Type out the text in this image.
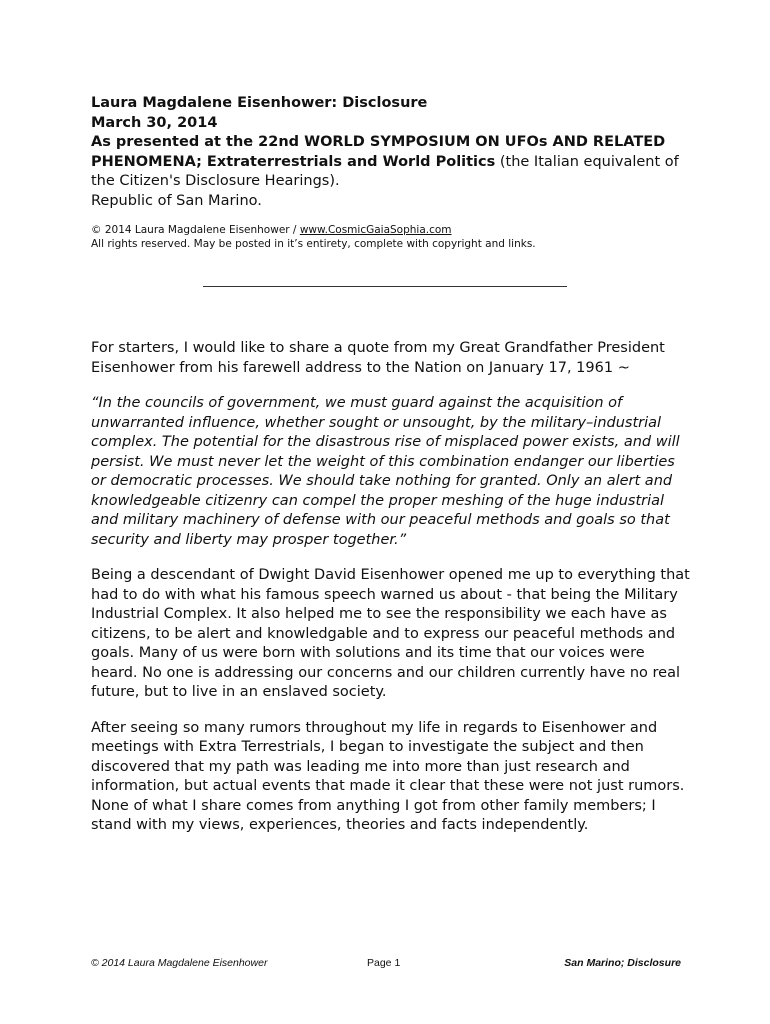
Laura Magdalene Eisenhower: Disclosure
March 30, 2014
As presented at the 22nd WORLD SYMPOSIUM ON UFOs AND RELATED PHENOMENA; Extraterrestrials and World Politics (the Italian equivalent of the Citizen's Disclosure Hearings).
Republic of San Marino.

© 2014 Laura Magdalene Eisenhower / www.CosmicGaiaSophia.com
All rights reserved. May be posted in it’s entirety, complete with copyright and links.

For starters, I would like to share a quote from my Great Grandfather President Eisenhower from his farewell address to the Nation on January 17, 1961 ~

“In the councils of government, we must guard against the acquisition of unwarranted influence, whether sought or unsought, by the military–industrial complex. The potential for the disastrous rise of misplaced power exists, and will persist. We must never let the weight of this combination endanger our liberties or democratic processes. We should take nothing for granted. Only an alert and knowledgeable citizenry can compel the proper meshing of the huge industrial and military machinery of defense with our peaceful methods and goals so that security and liberty may prosper together.”

Being a descendant of Dwight David Eisenhower opened me up to everything that had to do with what his famous speech warned us about - that being the Military Industrial Complex. It also helped me to see the responsibility we each have as citizens, to be alert and knowledgable and to express our peaceful methods and goals. Many of us were born with solutions and its time that our voices were heard. No one is addressing our concerns and our children currently have no real future, but to live in an enslaved society.

After seeing so many rumors throughout my life in regards to Eisenhower and meetings with Extra Terrestrials, I began to investigate the subject and then discovered that my path was leading me into more than just research and information, but actual events that made it clear that these were not just rumors. None of what I share comes from anything I got from other family members; I stand with my views, experiences, theories and facts independently.

© 2014 Laura Magdalene Eisenhower	Page 1	San Marino; Disclosure
